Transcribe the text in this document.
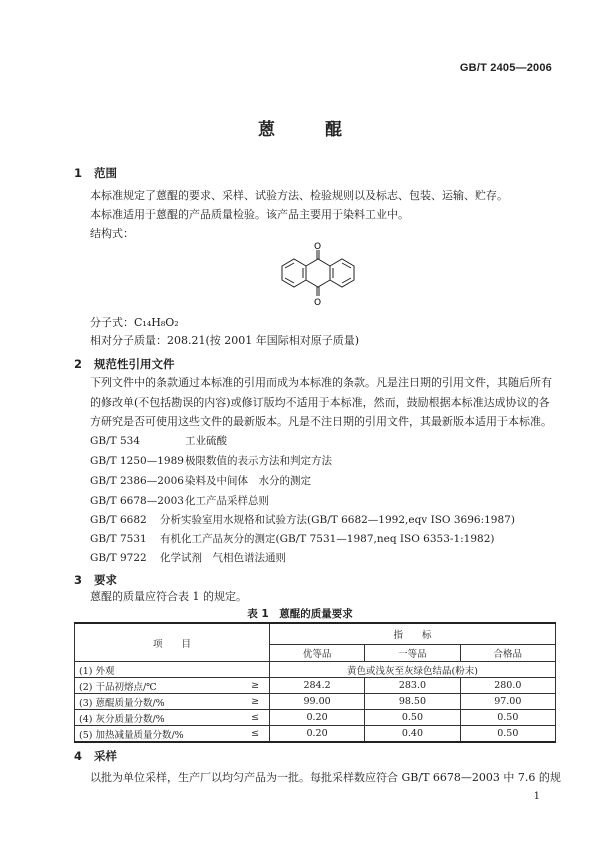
GB/T 2405—2006
蒽 醌
1 范围
本标准规定了蒽醌的要求、采样、试验方法、检验规则以及标志、包装、运输、贮存。
本标准适用于蒽醌的产品质量检验。该产品主要用于染料工业中。
结构式：
O
O
分子式：C₁₄H₈O₂
相对分子质量：208.21(按 2001 年国际相对原子质量)
2 规范性引用文件
下列文件中的条款通过本标准的引用而成为本标准的条款。凡是注日期的引用文件，其随后所有的修改单(不包括勘误的内容)或修订版均不适用于本标准，然而，鼓励根据本标准达成协议的各方研究是否可使用这些文件的最新版本。凡是不注日期的引用文件，其最新版本适用于本标准。
GB/T 534	工业硫酸
GB/T 1250—1989极限数值的表示方法和判定方法
GB/T 2386—2006染料及中间体　水分的测定
GB/T 6678—2003化工产品采样总则
GB/T 6682 分析实验室用水规格和试验方法(GB/T 6682—1992,eqv ISO 3696:1987)
GB/T 7531 有机化工产品灰分的测定(GB/T 7531—1987,neq ISO 6353-1:1982)
GB/T 9722 化学试剂　气相色谱法通则
3 要求
蒽醌的质量应符合表 1 的规定。
表 1　蒽醌的质量要求
项　　目		指　　标		
		优等品	一等品	合格品
(1) 外观		黄色或浅灰至灰绿色结晶(粉末)		
(2) 干品初熔点/℃	≥	284.2	283.0	280.0
(3) 蒽醌质量分数/%	≥	99.00	98.50	97.00
(4) 灰分质量分数/%	≤	0.20	0.50	0.50
(5) 加热减量质量分数/%	≤	0.20	0.40	0.50
4 采样
以批为单位采样，生产厂以均匀产品为一批。每批采样数应符合 GB/T 6678—2003 中 7.6 的规
1
